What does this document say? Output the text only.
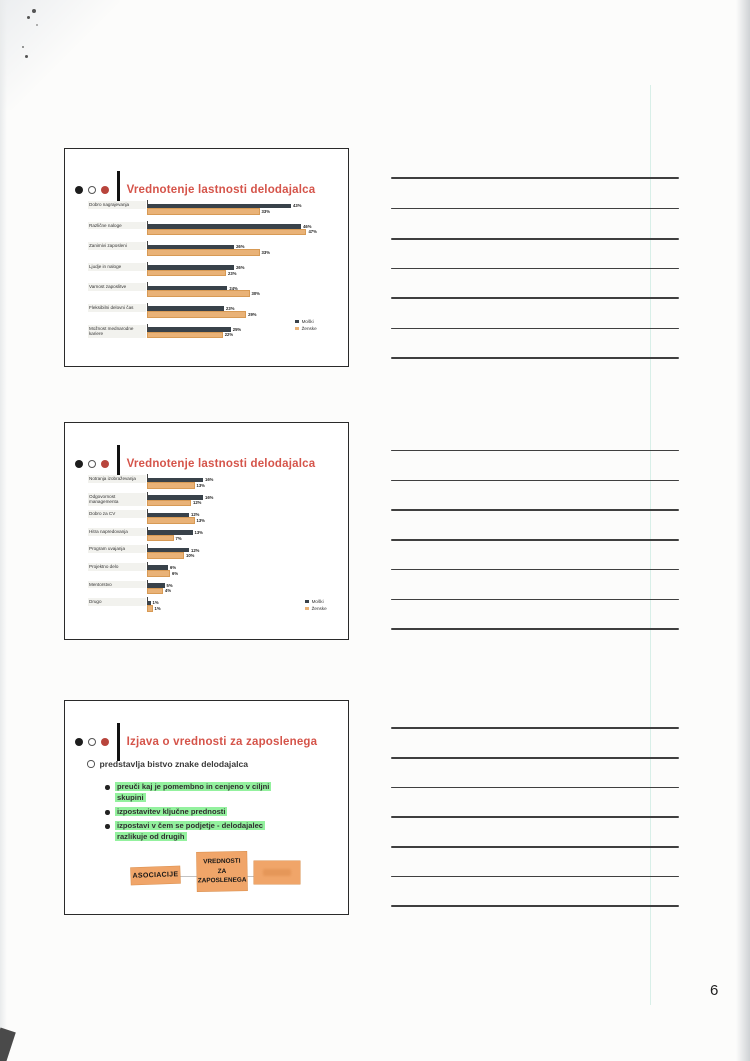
Vrednotenje lastnosti delodajalca
Dobro nagrajevanja	43%
33%
Različne naloge	46%
47%
Zanimivi zaposleni	26%
33%
Ljudje in naloge	26%
23%
Varnost zaposlitve	24%
30%
Fleksibilni delovni čas	23%
29%
Možnost mednarodne kariere
25%
22%
Moški
Ženske
Vrednotenje lastnosti delodajalca
Notranja izobraževanja	16%
13%
Odgovornost managementa
16%
12%
Dobro za CV	12%
13%
Hitra napredovanja	13%
7%
Program uvajanja	12%
10%
Projektno delo	6%
6%
Mentorstvo	5%
4%
Drugo	1%
1%
Moški
Ženske
Izjava o vrednosti za zaposlenega
predstavlja bistvo znake delodajalca
preuči kaj je pomembno in cenjeno v ciljni
skupini
izpostavitev ključne prednosti
izpostavi v čem se podjetje - delodajalec
razlikuje od drugih
ASOCIACIJE
VREDNOSTI
ZA
ZAPOSLENEGA
6
